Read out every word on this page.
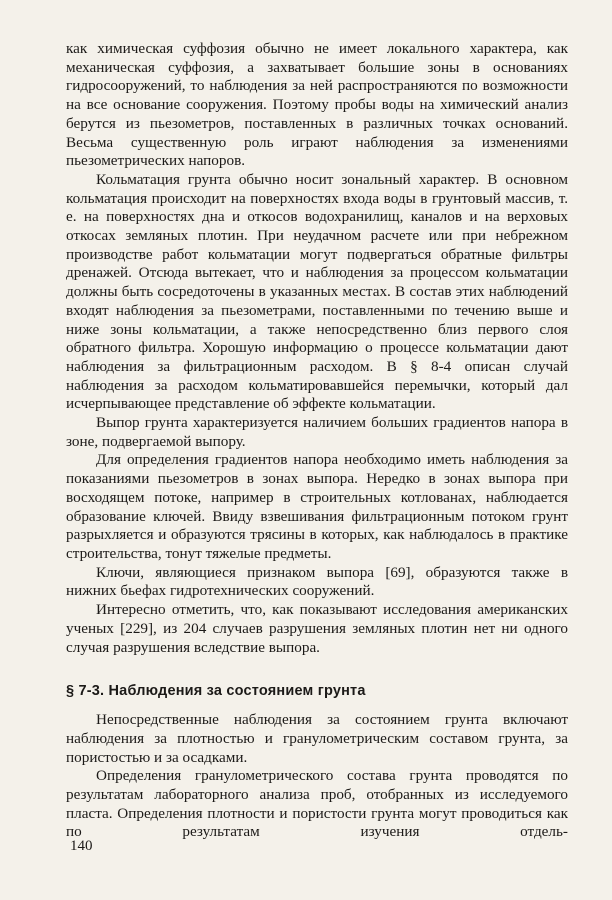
как химическая суффозия обычно не имеет локального характера, как механическая суффозия, а захватывает большие зоны в основаниях гидросооружений, то наблюдения за ней распространяются по возможности на все основание сооружения. Поэтому пробы воды на химический анализ берутся из пьезометров, поставленных в различных точках оснований. Весьма существенную роль играют наблюдения за изменениями пьезометрических напоров.

Кольматация грунта обычно носит зональный характер. В основном кольматация происходит на поверхностях входа воды в грунтовый массив, т. е. на поверхностях дна и откосов водохранилищ, каналов и на верховых откосах земляных плотин. При неудачном расчете или при небрежном производстве работ кольматации могут подвергаться обратные фильтры дренажей. Отсюда вытекает, что и наблюдения за процессом кольматации должны быть сосредоточены в указанных местах. В состав этих наблюдений входят наблюдения за пьезометрами, поставленными по течению выше и ниже зоны кольматации, а также непосредственно близ первого слоя обратного фильтра. Хорошую информацию о процессе кольматации дают наблюдения за фильтрационным расходом. В § 8-4 описан случай наблюдения за расходом кольматировавшейся перемычки, который дал исчерпывающее представление об эффекте кольматации.

Выпор грунта характеризуется наличием больших градиентов напора в зоне, подвергаемой выпору.

Для определения градиентов напора необходимо иметь наблюдения за показаниями пьезометров в зонах выпора. Нередко в зонах выпора при восходящем потоке, например в строительных котлованах, наблюдается образование ключей. Ввиду взвешивания фильтрационным потоком грунт разрыхляется и образуются трясины в которых, как наблюдалось в практике строительства, тонут тяжелые предметы.

Ключи, являющиеся признаком выпора [69], образуются также в нижних бьефах гидротехнических сооружений.

Интересно отметить, что, как показывают исследования американских ученых [229], из 204 случаев разрушения земляных плотин нет ни одного случая разрушения вследствие выпора.

§ 7-3. Наблюдения за состоянием грунта

Непосредственные наблюдения за состоянием грунта включают наблюдения за плотностью и гранулометрическим составом грунта, за пористостью и за осадками.

Определения гранулометрического состава грунта проводятся по результатам лабораторного анализа проб, отобранных из исследуемого пласта. Определения плотности и пористости грунта могут проводиться как по результатам изучения отдель-

140
